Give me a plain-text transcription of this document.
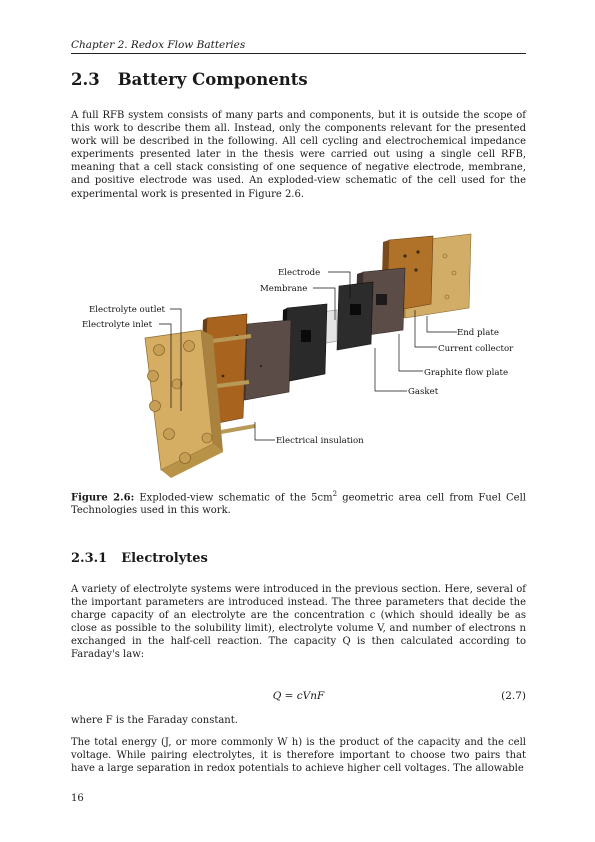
Chapter 2. Redox Flow Batteries
2.3 Battery Components

A full RFB system consists of many parts and components, but it is outside the scope of this work to describe them all. Instead, only the components relevant for the presented work will be described in the following. All cell cycling and electrochemical impedance experiments presented later in the thesis were carried out using a single cell RFB, meaning that a cell stack consisting of one sequence of negative electrode, membrane, and positive electrode was used. An exploded-view schematic of the cell used for the experimental work is presented in Figure 2.6.

Electrode
Membrane
Electrolyte outlet
Electrolyte inlet
End plate
Current collector
Graphite flow plate
Gasket
Electrical insulation
Figure 2.6: Exploded-view schematic of the $5cm^2$ geometric area cell from Fuel Cell Technologies used in this work.
2.3.1 Electrolytes

A variety of electrolyte systems were introduced in the previous section. Here, several of the important parameters are introduced instead. The three parameters that decide the charge capacity of an electrolyte are the concentration c (which should ideally be as close as possible to the solubility limit), electrolyte volume V, and number of electrons n exchanged in the half-cell reaction. The capacity Q is then calculated according to Faraday's law:

Q = cVnF	(2.7)

where F is the Faraday constant.

The total energy (J, or more commonly W h) is the product of the capacity and the cell voltage. While pairing electrolytes, it is therefore important to choose two pairs that have a large separation in redox potentials to achieve higher cell voltages. The allowable

16
